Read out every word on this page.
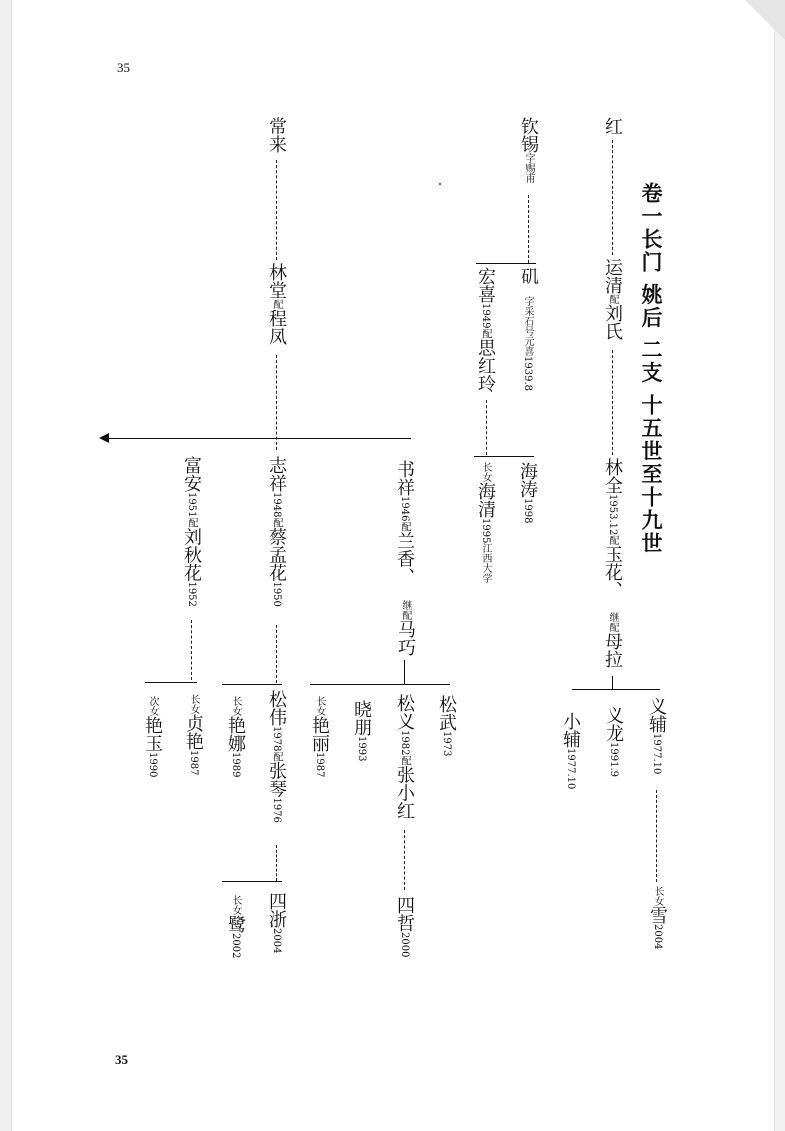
35
35
卷一长门 姚后 二支 十五世至十九世
红
运清配刘氏
林全1953.12配玉花、
继配母拉
义辅1977.10
长女雪2004
义龙1991.9
小辅1977.10
钦锡字赐甫
矶
字采石号元喜1939.8
宏喜1949配思红玲
海涛1998
长女海清1995江西大学
常来
林堂配程凤
书祥1946配兰香、
继配马巧
松武1973
松义1982配张小红
四哲2000
晓朋1993
长女艳丽1987
志祥1948配蔡孟花1950
松伟1978配张琴1976
四浙2004
长女鹭2002
长女艳娜1989
富安1951配刘秋花1952
长女贞艳1987
次女艳玉1990
